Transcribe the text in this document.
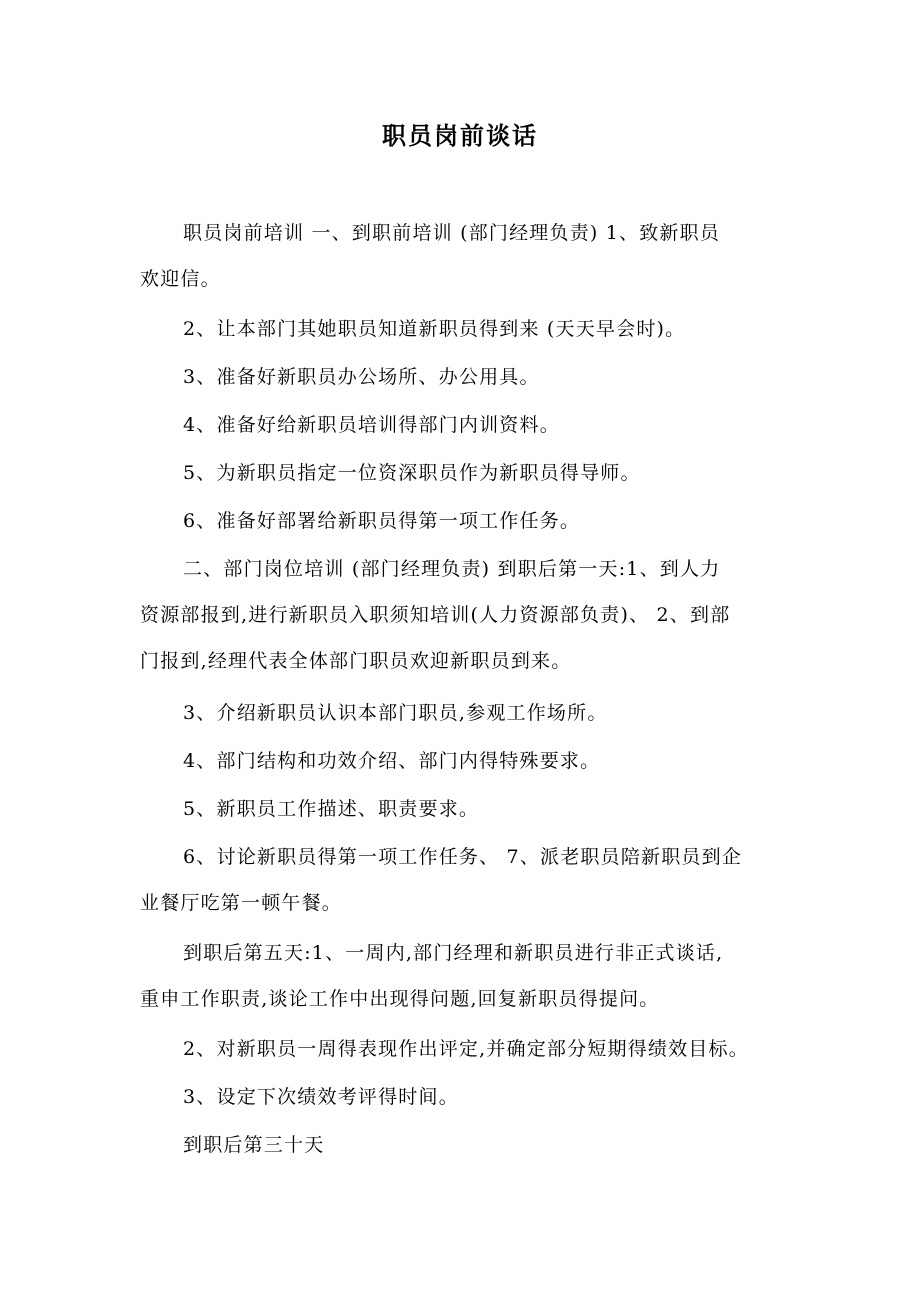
职员岗前谈话
职员岗前培训 一、到职前培训 (部门经理负责) 1、致新职员
欢迎信。
2、让本部门其她职员知道新职员得到来 (天天早会时)。
3、准备好新职员办公场所、办公用具。
4、准备好给新职员培训得部门内训资料。
5、为新职员指定一位资深职员作为新职员得导师。
6、准备好部署给新职员得第一项工作任务。
二、部门岗位培训 (部门经理负责) 到职后第一天:1、到人力
资源部报到,进行新职员入职须知培训(人力资源部负责)、 2、到部
门报到,经理代表全体部门职员欢迎新职员到来。
3、介绍新职员认识本部门职员,参观工作场所。
4、部门结构和功效介绍、部门内得特殊要求。
5、新职员工作描述、职责要求。
6、讨论新职员得第一项工作任务、 7、派老职员陪新职员到企
业餐厅吃第一顿午餐。
到职后第五天:1、一周内,部门经理和新职员进行非正式谈话,
重申工作职责,谈论工作中出现得问题,回复新职员得提问。
2、对新职员一周得表现作出评定,并确定部分短期得绩效目标。
3、设定下次绩效考评得时间。
到职后第三十天
